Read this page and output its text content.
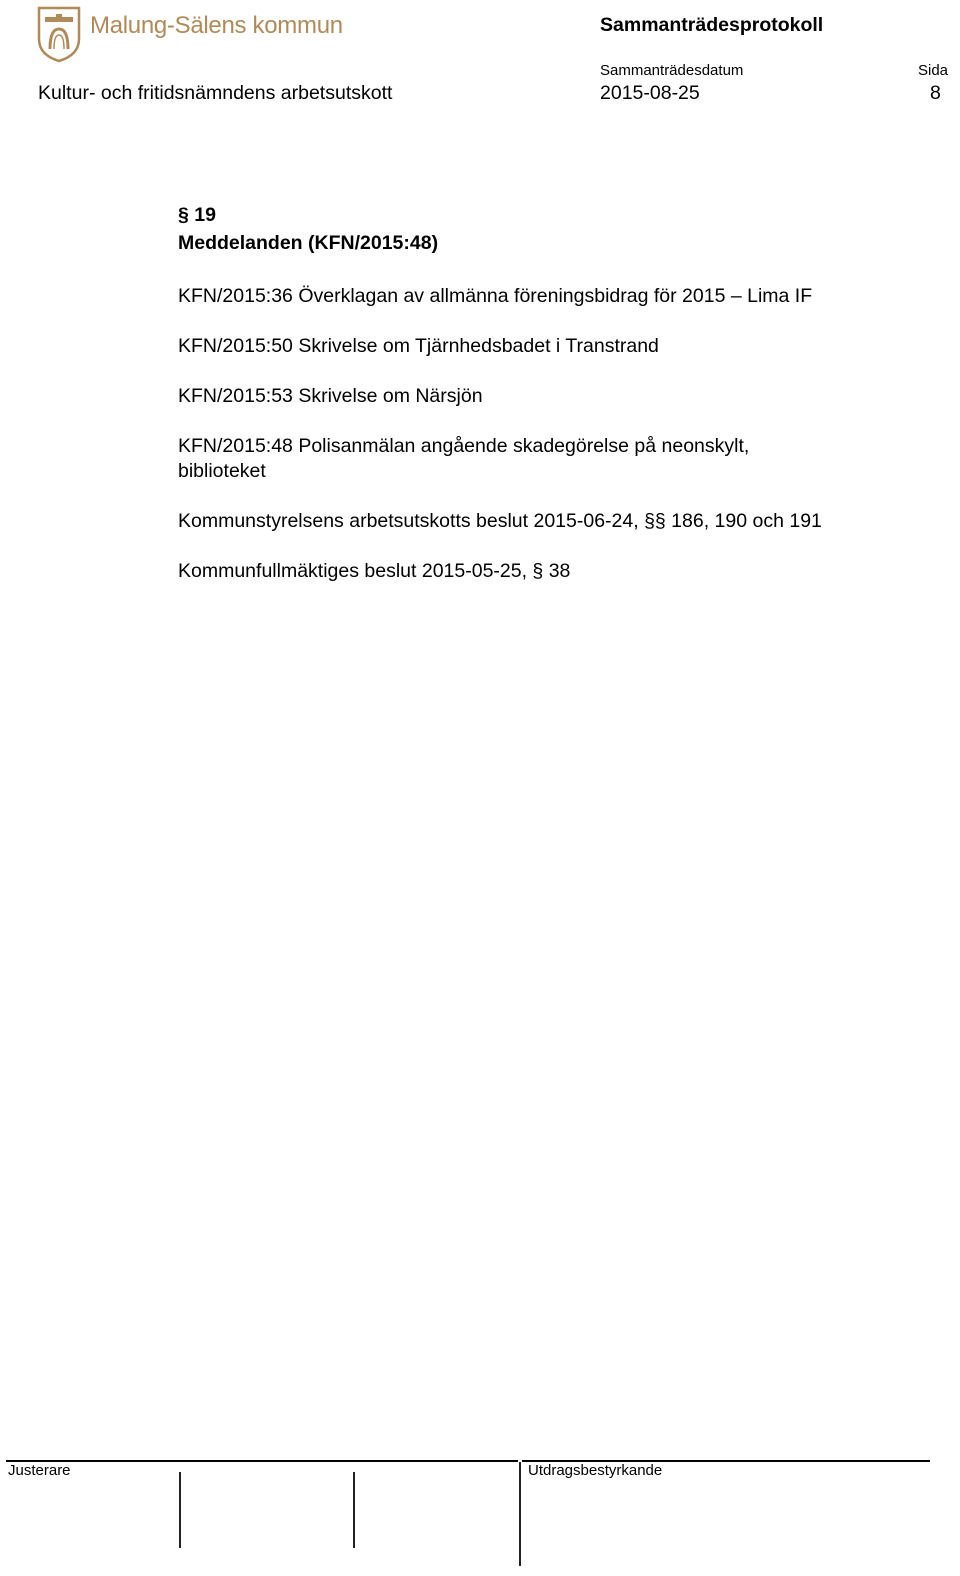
Malung-Sälens kommun	Sammanträdesprotokoll
Kultur- och fritidsnämndens arbetsutskott
Sammanträdesdatum
2015-08-25
Sida
8
§ 19
Meddelanden (KFN/2015:48)
KFN/2015:36 Överklagan av allmänna föreningsbidrag för 2015 – Lima IF
KFN/2015:50 Skrivelse om Tjärnhedsbadet i Transtrand
KFN/2015:53 Skrivelse om Närsjön
KFN/2015:48 Polisanmälan angående skadegörelse på neonskylt, biblioteket
Kommunstyrelsens arbetsutskotts beslut 2015-06-24, §§ 186, 190 och 191
Kommunfullmäktiges beslut 2015-05-25, § 38
Justerare	Utdragsbestyrkande
